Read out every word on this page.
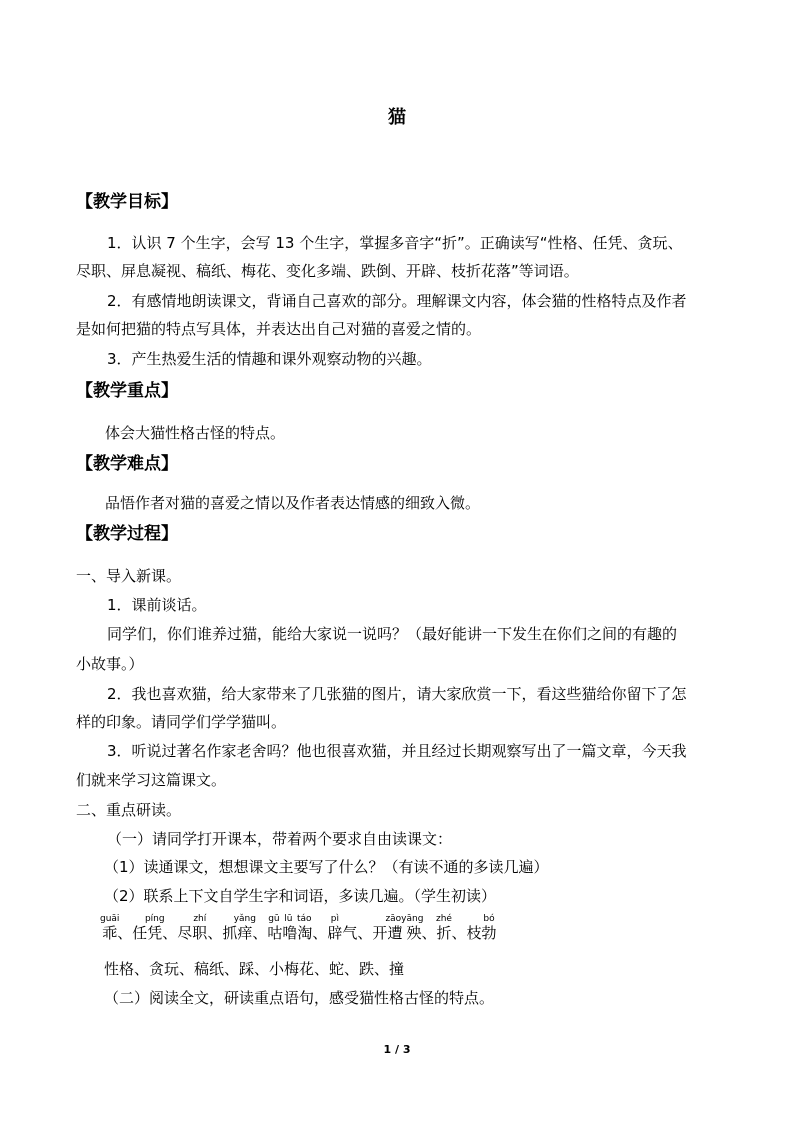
猫
【教学目标】
1．认识 7 个生字，会写 13 个生字，掌握多音字“折”。正确读写“性格、任凭、贪玩、
尽职、屏息凝视、稿纸、梅花、变化多端、跌倒、开辟、枝折花落”等词语。
2．有感情地朗读课文，背诵自己喜欢的部分。理解课文内容，体会猫的性格特点及作者
是如何把猫的特点写具体，并表达出自己对猫的喜爱之情的。
3．产生热爱生活的情趣和课外观察动物的兴趣。
【教学重点】
体会大猫性格古怪的特点。
【教学难点】
品悟作者对猫的喜爱之情以及作者表达情感的细致入微。
【教学过程】
一、导入新课。
1．课前谈话。
同学们，你们谁养过猫，能给大家说一说吗？（最好能讲一下发生在你们之间的有趣的
小故事。）
2．我也喜欢猫，给大家带来了几张猫的图片，请大家欣赏一下，看这些猫给你留下了怎
样的印象。请同学们学学猫叫。
3．听说过著名作家老舍吗？他也很喜欢猫，并且经过长期观察写出了一篇文章，今天我
们就来学习这篇课文。
二、重点研读。
（一）请同学打开课本，带着两个要求自由读课文：
（1）读通课文，想想课文主要写了什么？（有读不通的多读几遍）
（2）联系上下文自学生字和词语，多读几遍。（学生初读）
乖guāi、任凭píng、尽职zhí、抓痒yǎng、咕噜淘gū lū táo、辟pì气、开遭殃zāoyāng、折zhé、枝勃bó
性格、贪玩、稿纸、踩、小梅花、蛇、跌、撞
（二）阅读全文，研读重点语句，感受猫性格古怪的特点。
1 / 3
